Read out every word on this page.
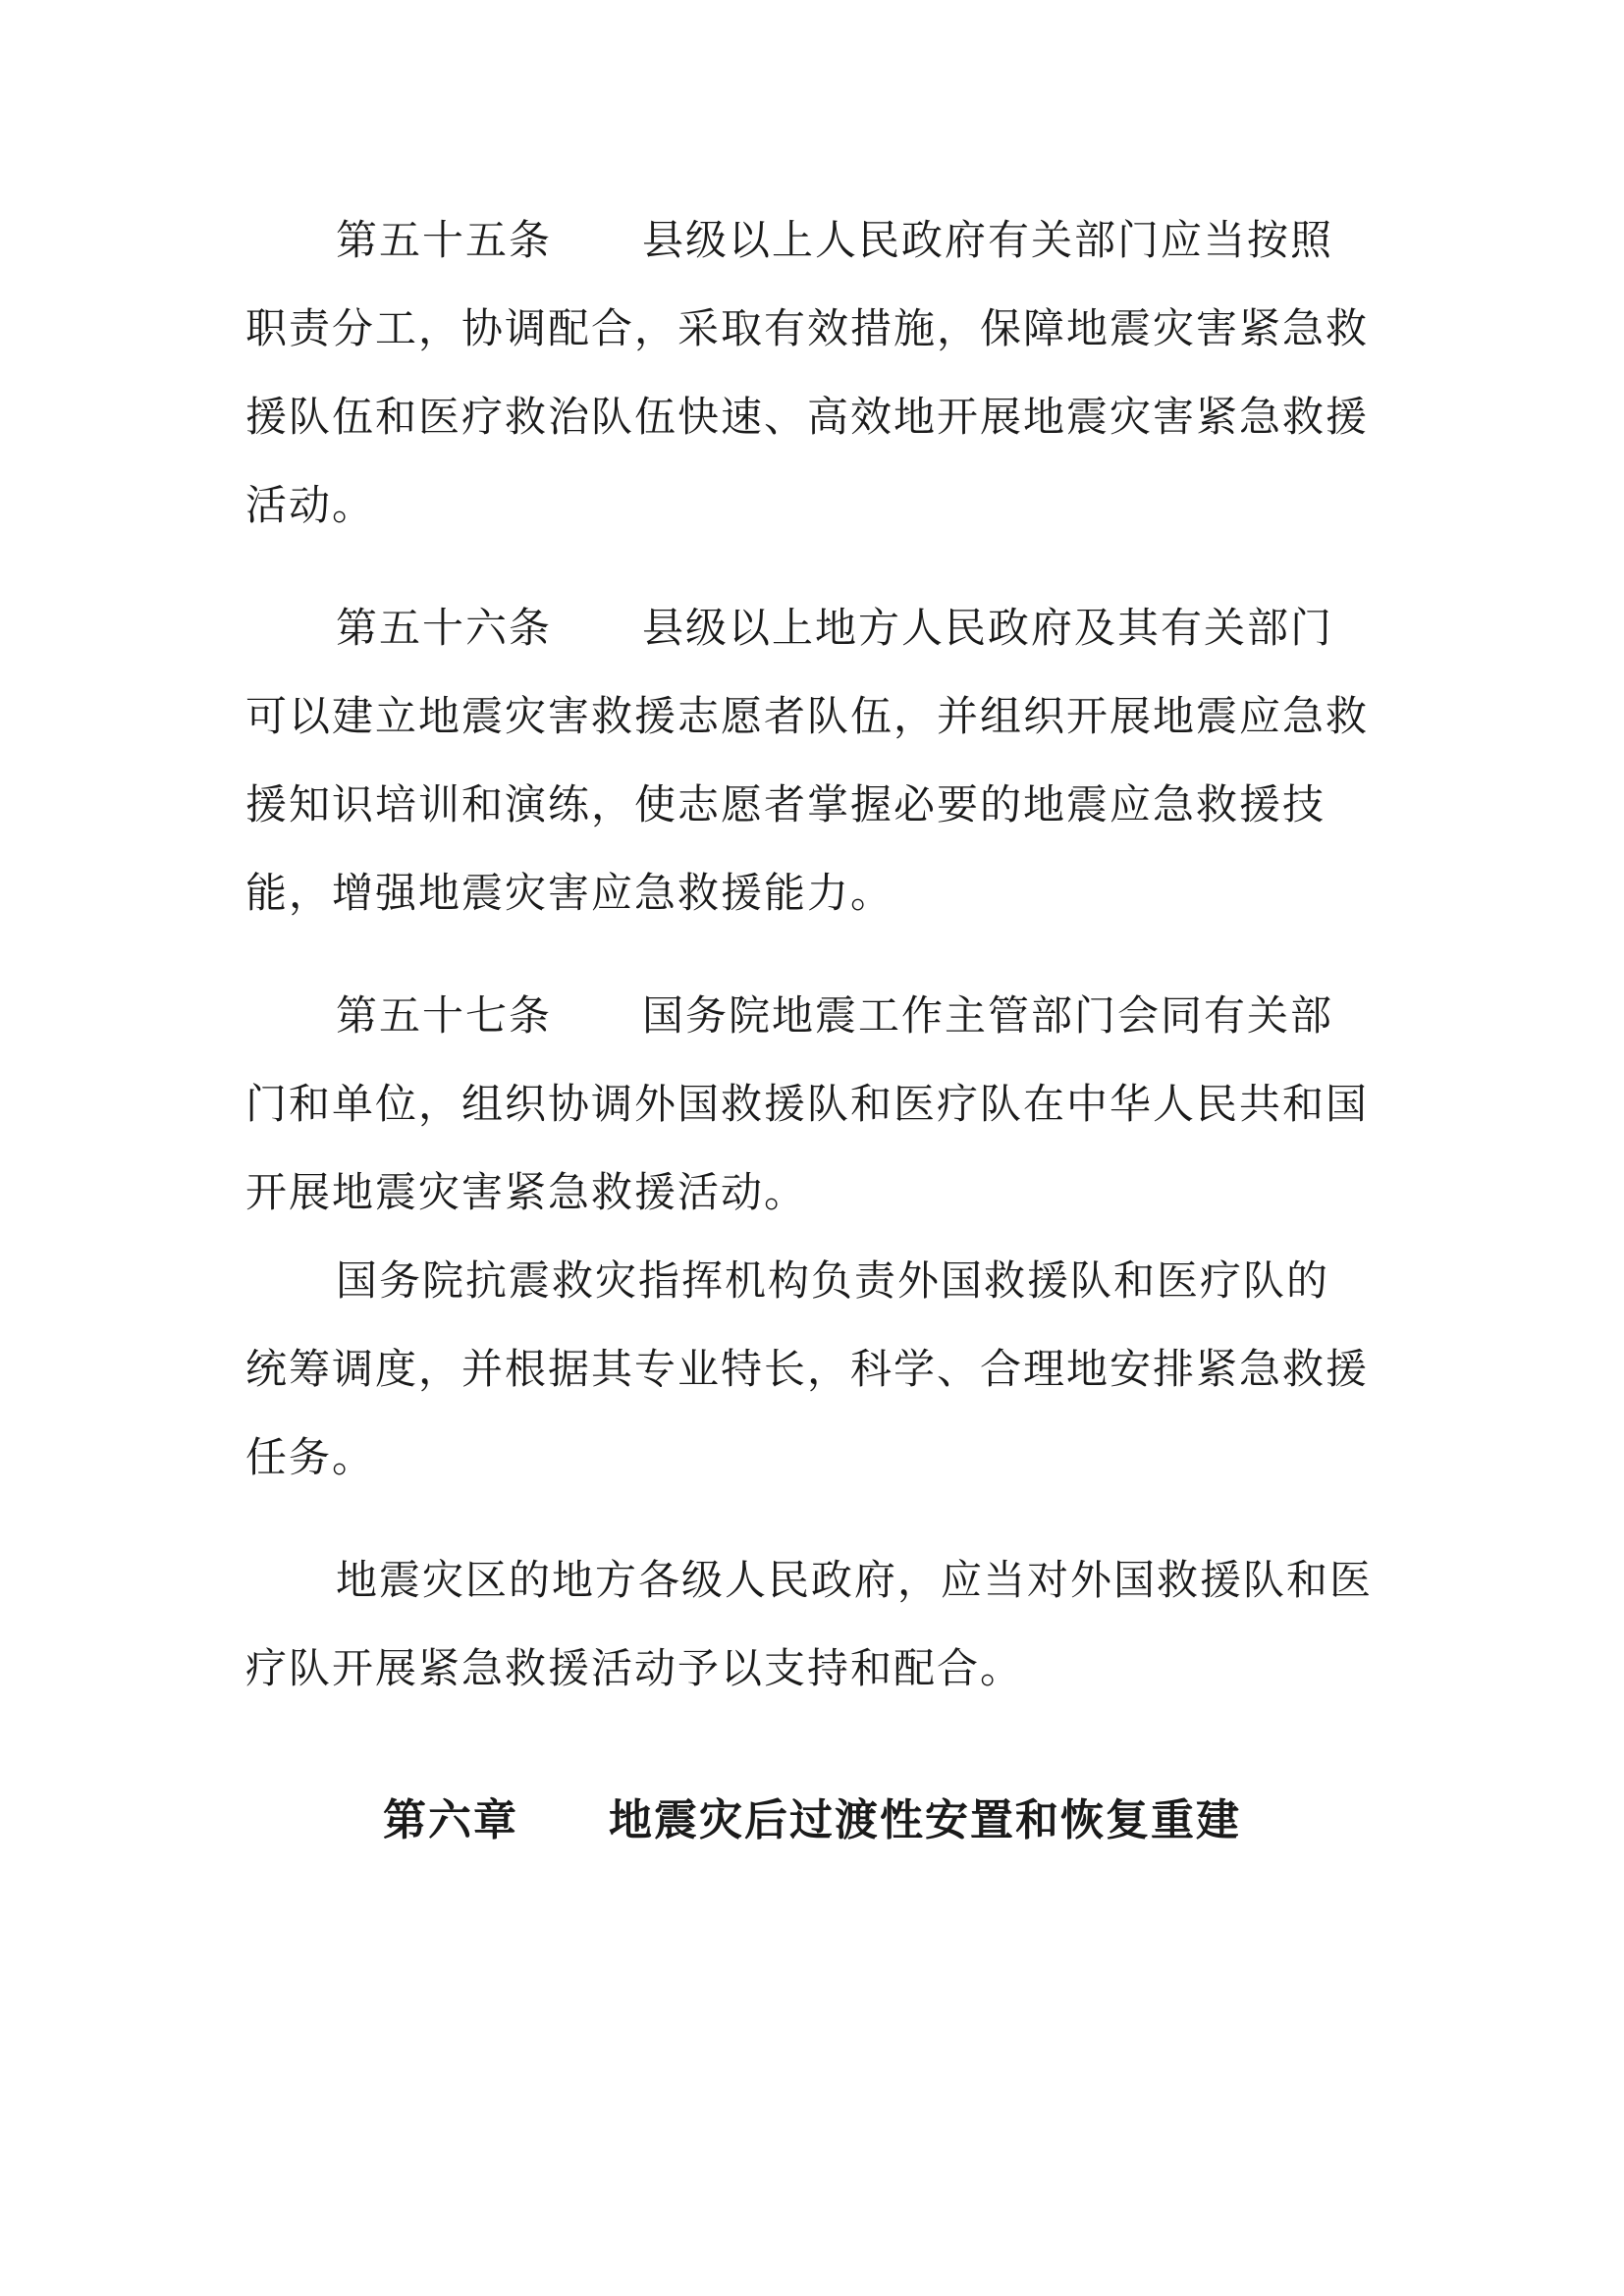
第五十五条 县级以上人民政府有关部门应当按照
职责分工，协调配合，采取有效措施，保障地震灾害紧急救
援队伍和医疗救治队伍快速、高效地开展地震灾害紧急救援
活动。
第五十六条 县级以上地方人民政府及其有关部门
可以建立地震灾害救援志愿者队伍，并组织开展地震应急救
援知识培训和演练，使志愿者掌握必要的地震应急救援技
能，增强地震灾害应急救援能力。
第五十七条 国务院地震工作主管部门会同有关部
门和单位，组织协调外国救援队和医疗队在中华人民共和国
开展地震灾害紧急救援活动。
国务院抗震救灾指挥机构负责外国救援队和医疗队的
统筹调度，并根据其专业特长，科学、合理地安排紧急救援
任务。
地震灾区的地方各级人民政府，应当对外国救援队和医
疗队开展紧急救援活动予以支持和配合。
第六章 地震灾后过渡性安置和恢复重建
